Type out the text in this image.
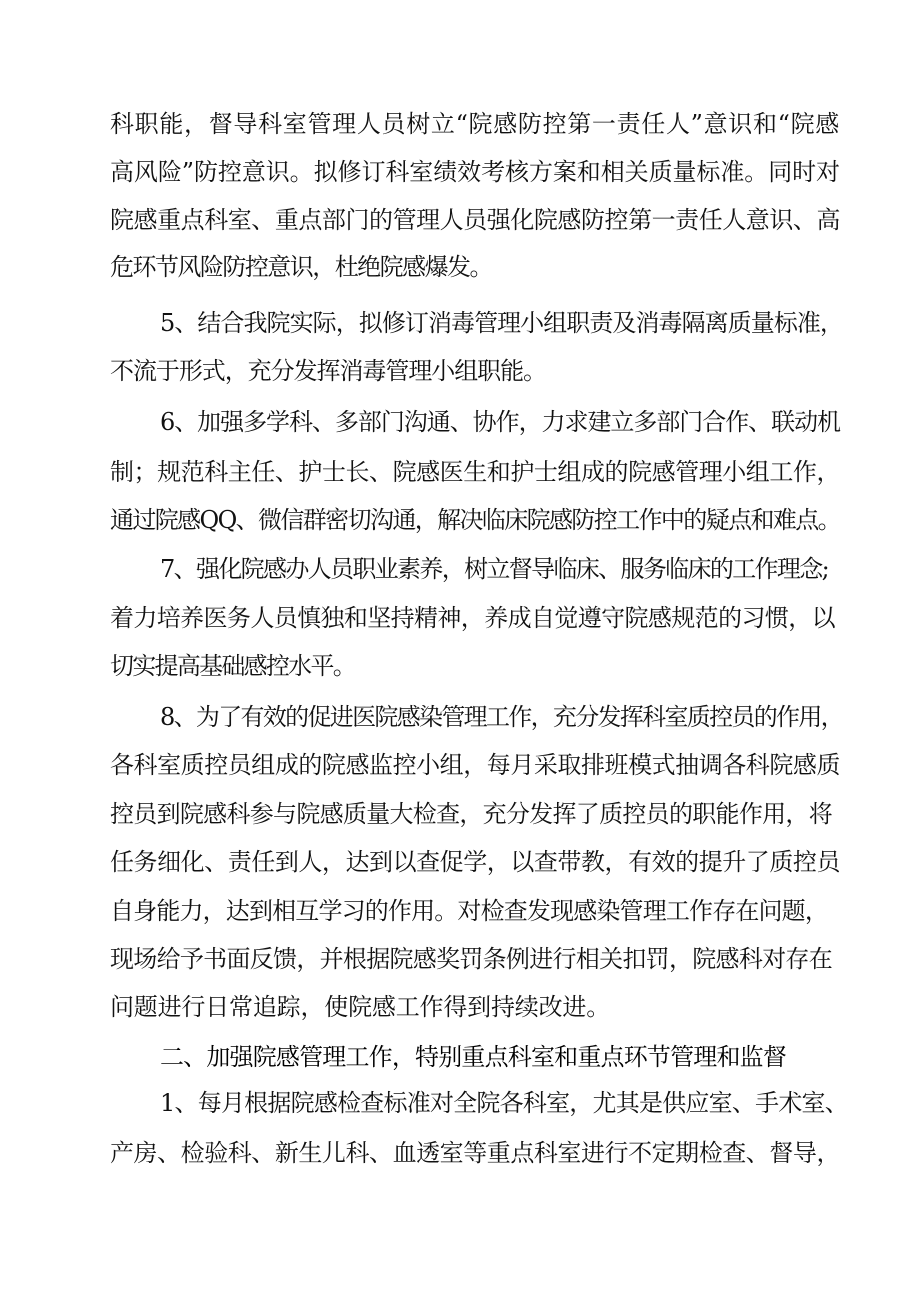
科职能，督导科室管理人员树立“院感防控第一责任人”意识和“院感
高风险”防控意识。拟修订科室绩效考核方案和相关质量标准。同时对
院感重点科室、重点部门的管理人员强化院感防控第一责任人意识、高
危环节风险防控意识，杜绝院感爆发。
5、结合我院实际，拟修订消毒管理小组职责及消毒隔离质量标准，
不流于形式，充分发挥消毒管理小组职能。
6、加强多学科、多部门沟通、协作，力求建立多部门合作、联动机
制；规范科主任、护士长、院感医生和护士组成的院感管理小组工作，
通过院感QQ、微信群密切沟通，解决临床院感防控工作中的疑点和难点。
7、强化院感办人员职业素养，树立督导临床、服务临床的工作理念;
着力培养医务人员慎独和坚持精神，养成自觉遵守院感规范的习惯，以
切实提高基础感控水平。
8、为了有效的促进医院感染管理工作，充分发挥科室质控员的作用，
各科室质控员组成的院感监控小组，每月采取排班模式抽调各科院感质
控员到院感科参与院感质量大检查，充分发挥了质控员的职能作用，将
任务细化、责任到人，达到以查促学，以查带教，有效的提升了质控员
自身能力，达到相互学习的作用。对检查发现感染管理工作存在问题，
现场给予书面反馈，并根据院感奖罚条例进行相关扣罚，院感科对存在
问题进行日常追踪，使院感工作得到持续改进。
二、加强院感管理工作，特别重点科室和重点环节管理和监督
1、每月根据院感检查标准对全院各科室，尤其是供应室、手术室、
产房、检验科、新生儿科、血透室等重点科室进行不定期检查、督导，
